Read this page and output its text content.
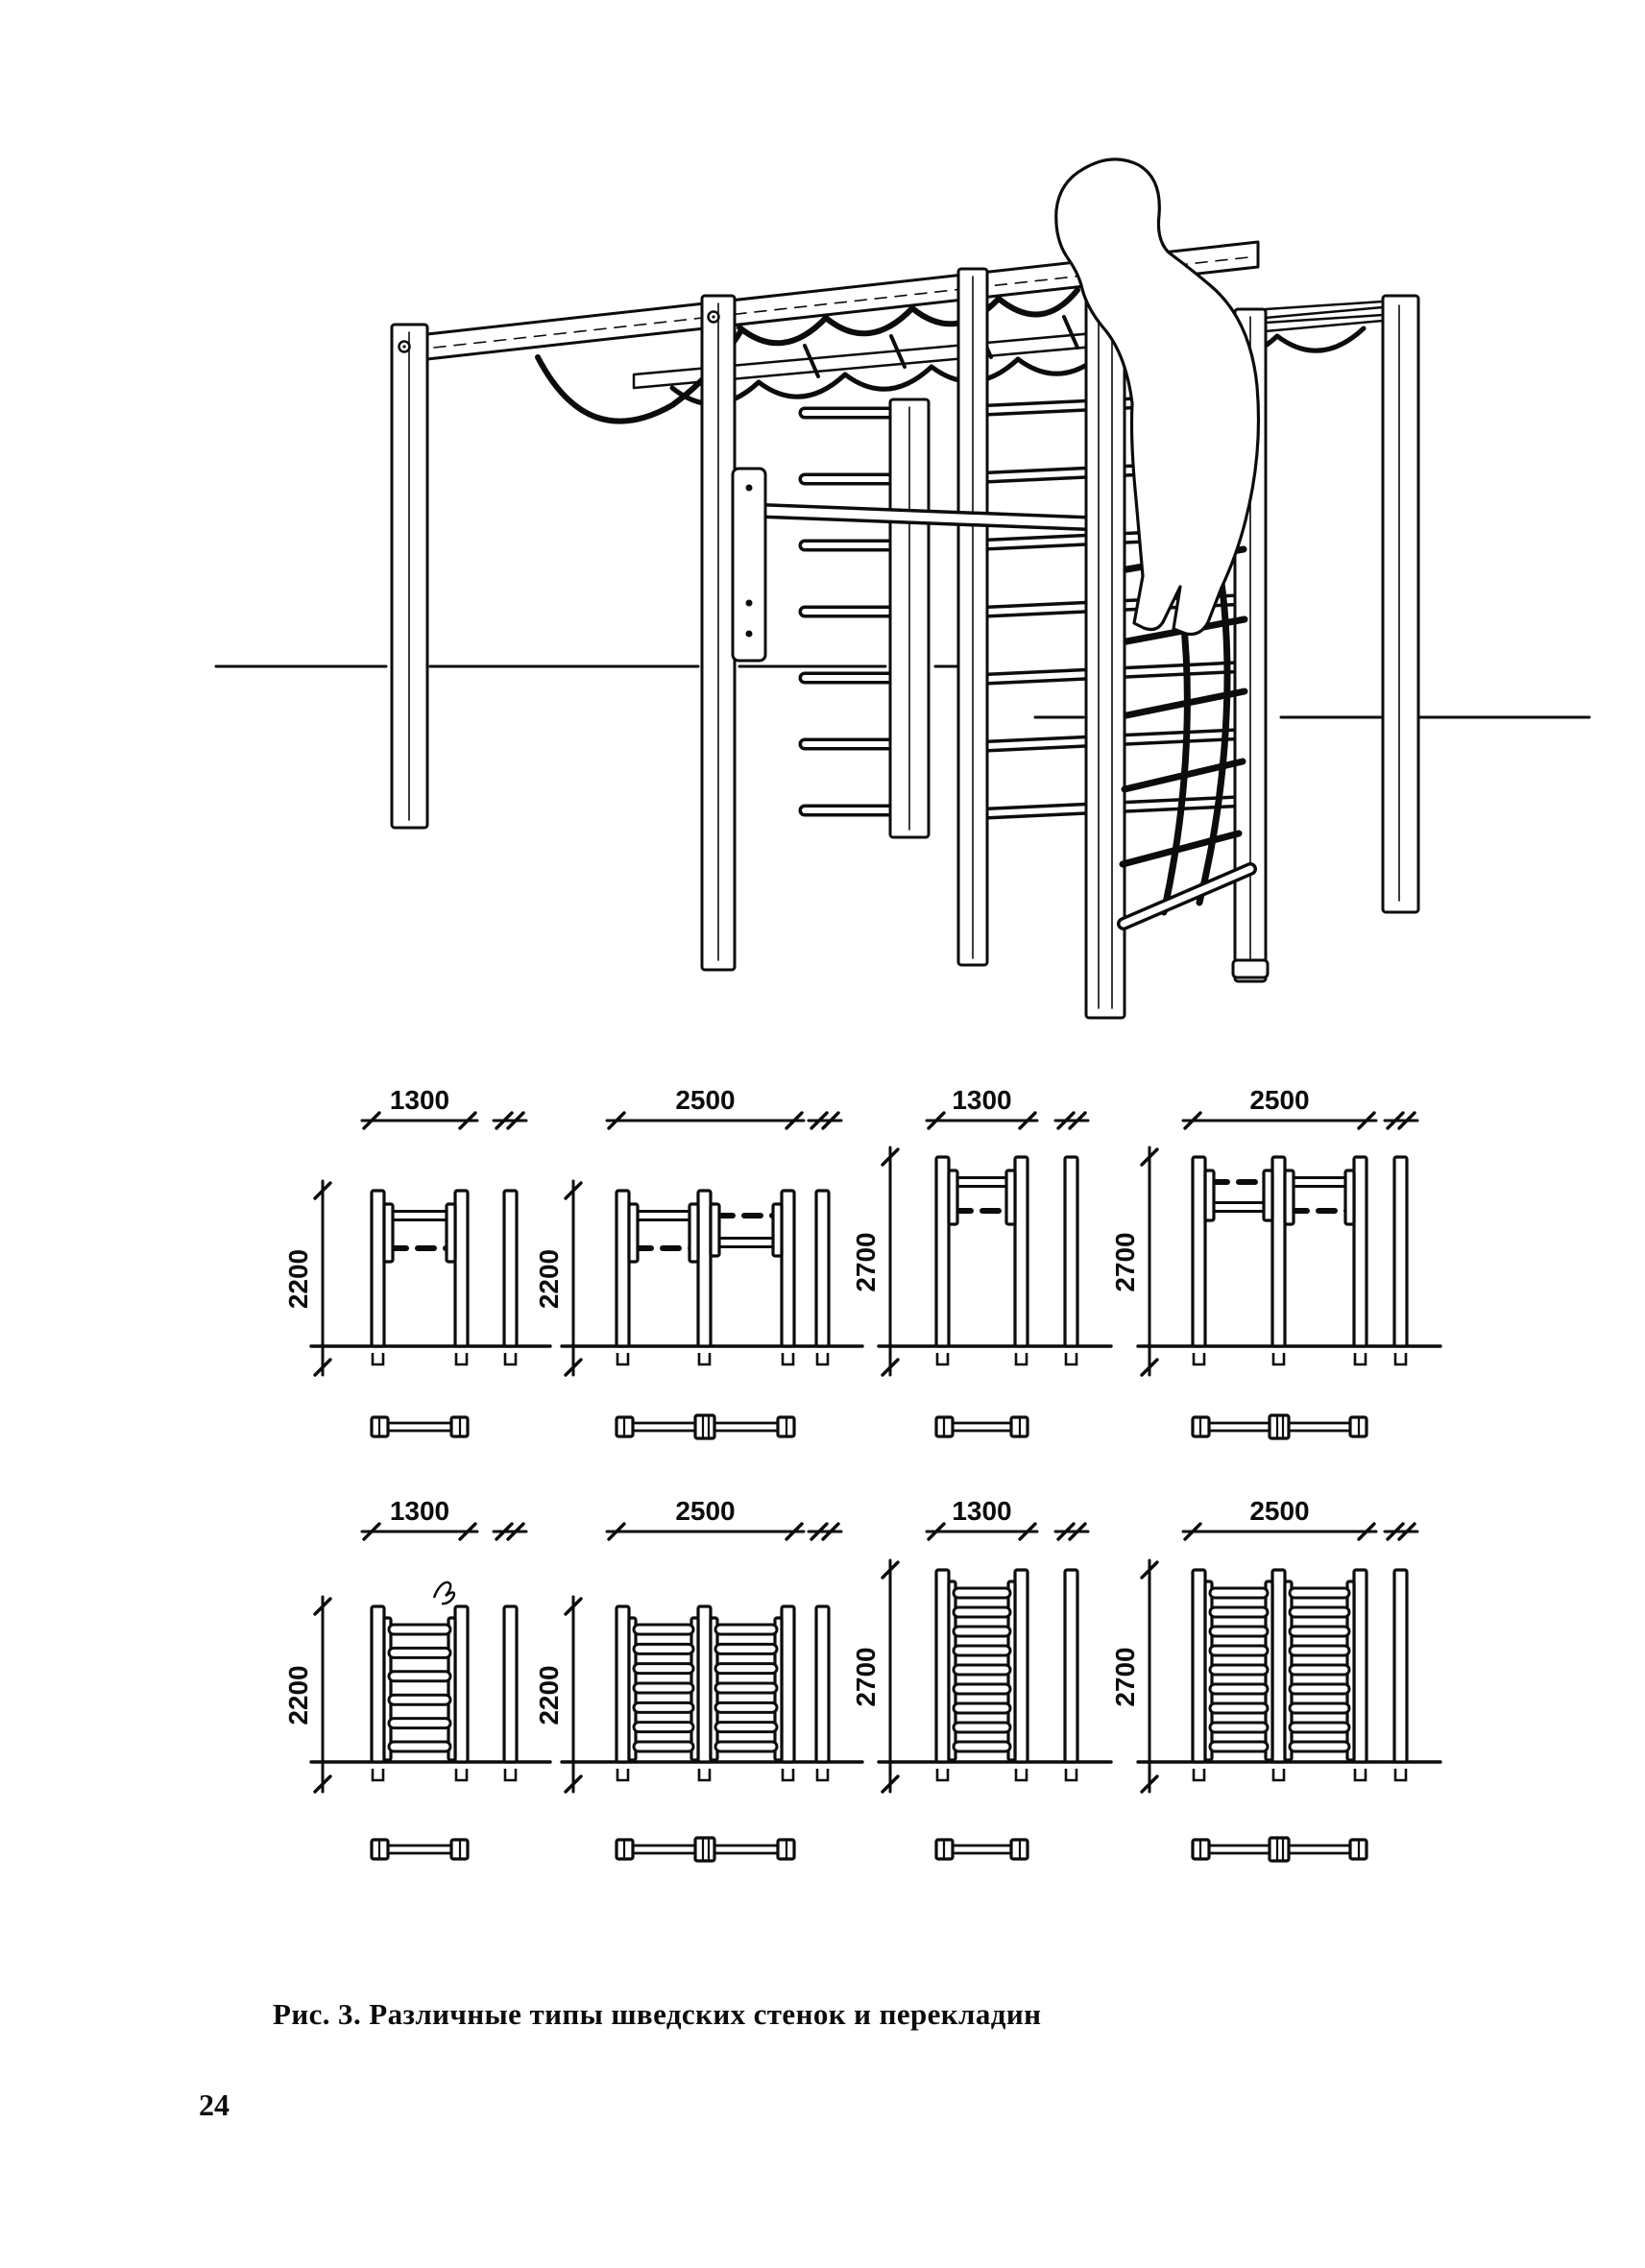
1300
2200
2500
2200
1300
2700
2500
2700
1300
2200
2500
2200
1300
2700
2500
2700
Рис. 3. Различные типы шведских стенок и перекладин
24
